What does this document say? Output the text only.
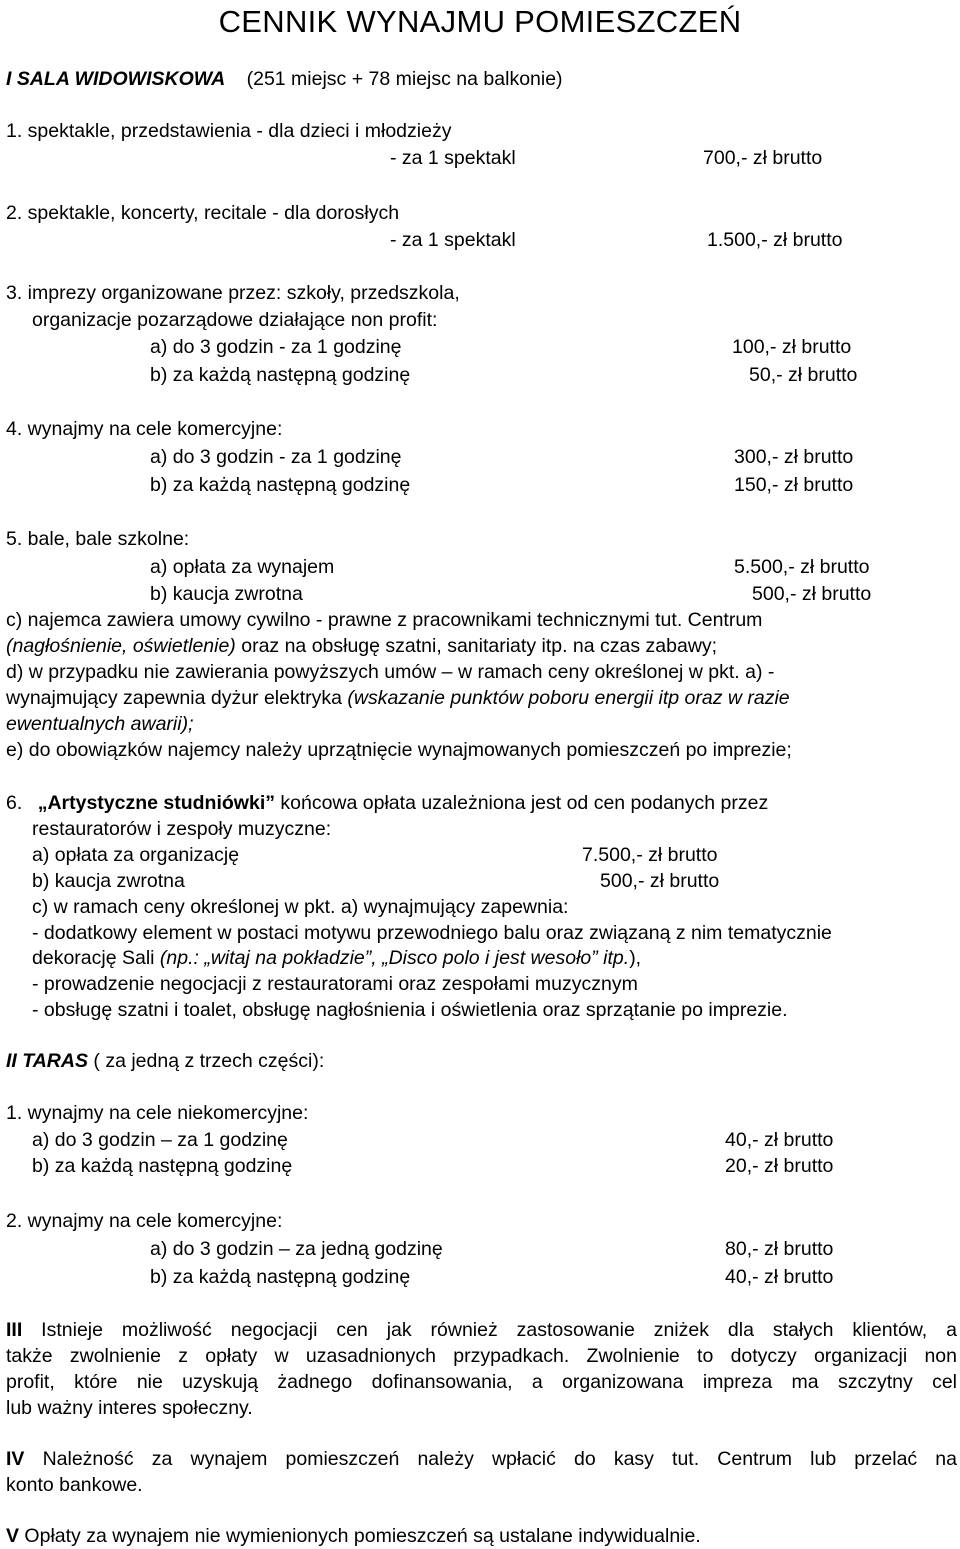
CENNIK WYNAJMU POMIESZCZEŃ
I SALA WIDOWISKOWA (251 miejsc + 78 miejsc na balkonie)
1. spektakle, przedstawienia - dla dzieci i młodzieży
- za 1 spektakl	700,- zł brutto
2. spektakle, koncerty, recitale - dla dorosłych
- za 1 spektakl	1.500,- zł brutto
3. imprezy organizowane przez: szkoły, przedszkola,
organizacje pozarządowe działające non profit:
a) do 3 godzin - za 1 godzinę	100,- zł brutto
b) za każdą następną godzinę	50,- zł brutto
4. wynajmy na cele komercyjne:
a) do 3 godzin - za 1 godzinę	300,- zł brutto
b) za każdą następną godzinę	150,- zł brutto
5. bale, bale szkolne:
a) opłata za wynajem	5.500,- zł brutto
b) kaucja zwrotna	500,- zł brutto
c) najemca zawiera umowy cywilno - prawne z pracownikami technicznymi tut. Centrum
(nagłośnienie, oświetlenie) oraz na obsługę szatni, sanitariaty itp. na czas zabawy;
d) w przypadku nie zawierania powyższych umów – w ramach ceny określonej w pkt. a) -
wynajmujący zapewnia dyżur elektryka (wskazanie punktów poboru energii itp oraz w razie
ewentualnych awarii);
e) do obowiązków najemcy należy uprzątnięcie wynajmowanych pomieszczeń po imprezie;
6. „Artystyczne studniówki” końcowa opłata uzależniona jest od cen podanych przez
restauratorów i zespoły muzyczne:
a) opłata za organizację	7.500,- zł brutto
b) kaucja zwrotna	500,- zł brutto
c) w ramach ceny określonej w pkt. a) wynajmujący zapewnia:
- dodatkowy element w postaci motywu przewodniego balu oraz związaną z nim tematycznie
dekorację Sali (np.: „witaj na pokładzie”, „Disco polo i jest wesoło” itp.),
- prowadzenie negocjacji z restauratorami oraz zespołami muzycznym
- obsługę szatni i toalet, obsługę nagłośnienia i oświetlenia oraz sprzątanie po imprezie.
II TARAS ( za jedną z trzech części):
1. wynajmy na cele niekomercyjne:
a) do 3 godzin – za 1 godzinę	40,- zł brutto
b) za każdą następną godzinę	20,- zł brutto
2. wynajmy na cele komercyjne:
a) do 3 godzin – za jedną godzinę	80,- zł brutto
b) za każdą następną godzinę	40,- zł brutto
III Istnieje możliwość negocjacji cen jak również zastosowanie zniżek dla stałych klientów, a
także zwolnienie z opłaty w uzasadnionych przypadkach. Zwolnienie to dotyczy organizacji non
profit, które nie uzyskują żadnego dofinansowania, a organizowana impreza ma szczytny cel
lub ważny interes społeczny.
IV Należność za wynajem pomieszczeń należy wpłacić do kasy tut. Centrum lub przelać na
konto bankowe.
V Opłaty za wynajem nie wymienionych pomieszczeń są ustalane indywidualnie.
